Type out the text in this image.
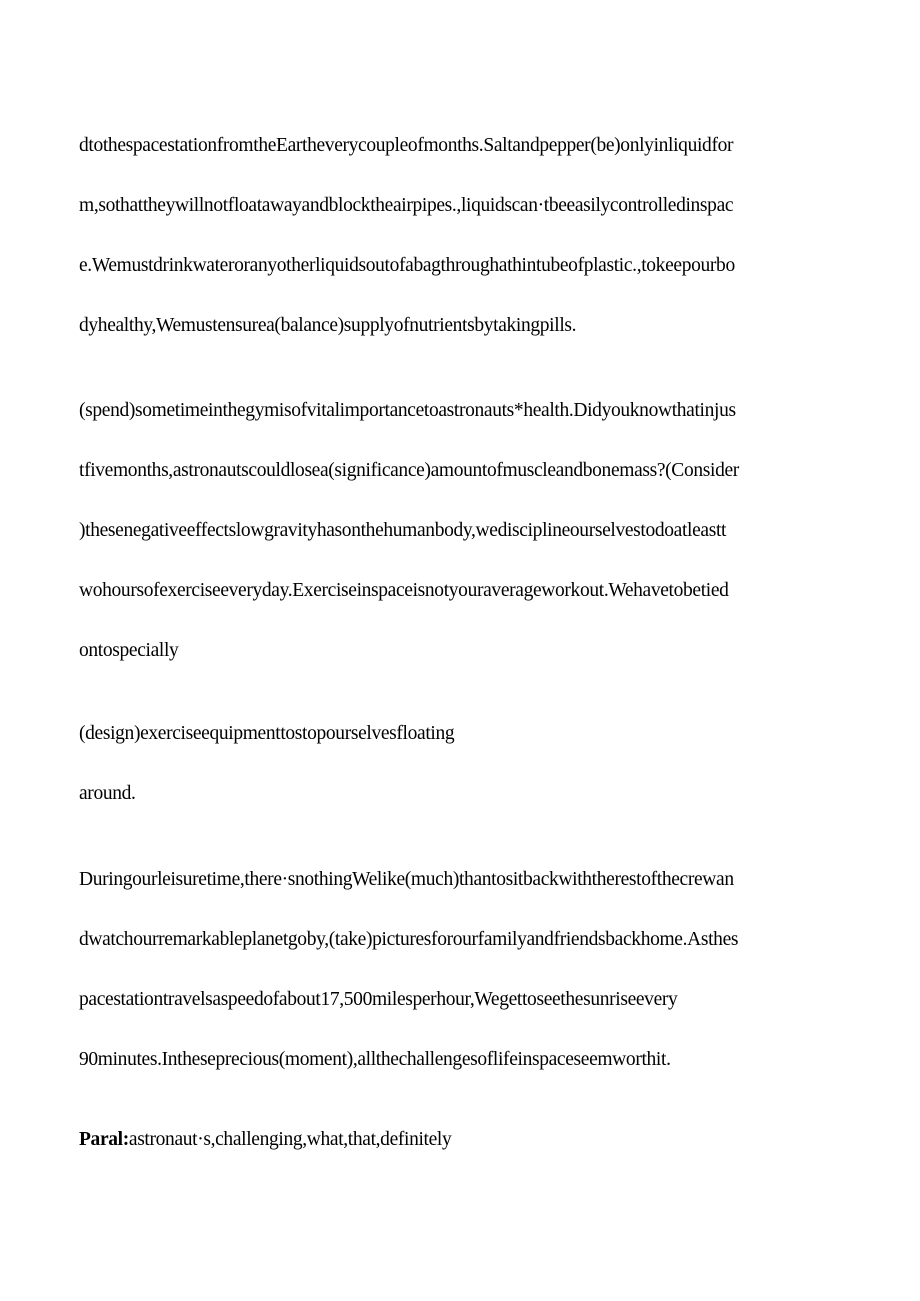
dtothespacestationfromtheEartheverycoupleofmonths.Saltandpepper(be)onlyinliquidfor
m,sothattheywillnotfloatawayandblocktheairpipes.,liquidscan·tbeeasilycontrolledinspac
e.Wemustdrinkwateroranyotherliquidsoutofabagthroughathintubeofplastic.,tokeepourbo
dyhealthy,Wemustensurea(balance)supplyofnutrientsbytakingpills.
(spend)sometimeinthegymisofvitalimportancetoastronauts*health.Didyouknowthatinjus
tfivemonths,astronautscouldlosea(significance)amountofmuscleandbonemass?(Consider
)thesenegativeeffectslowgravityhasonthehumanbody,wedisciplineourselvestodoatleastt
wohoursofexerciseeveryday.Exerciseinspaceisnotyouraverageworkout.Wehavetobetied
ontospecially
(design)exerciseequipmenttostopourselvesfloating
around.
Duringourleisuretime,there·snothingWelike(much)thantositbackwiththerestofthecrewan
dwatchourremarkableplanetgoby,(take)picturesforourfamilyandfriendsbackhome.Asthes
pacestationtravelsaspeedofabout17,500milesperhour,Wegettoseethesunriseevery
90minutes.Intheseprecious(moment),allthechallengesoflifeinspaceseemworthit.
Paral:astronaut·s,challenging,what,that,definitely
